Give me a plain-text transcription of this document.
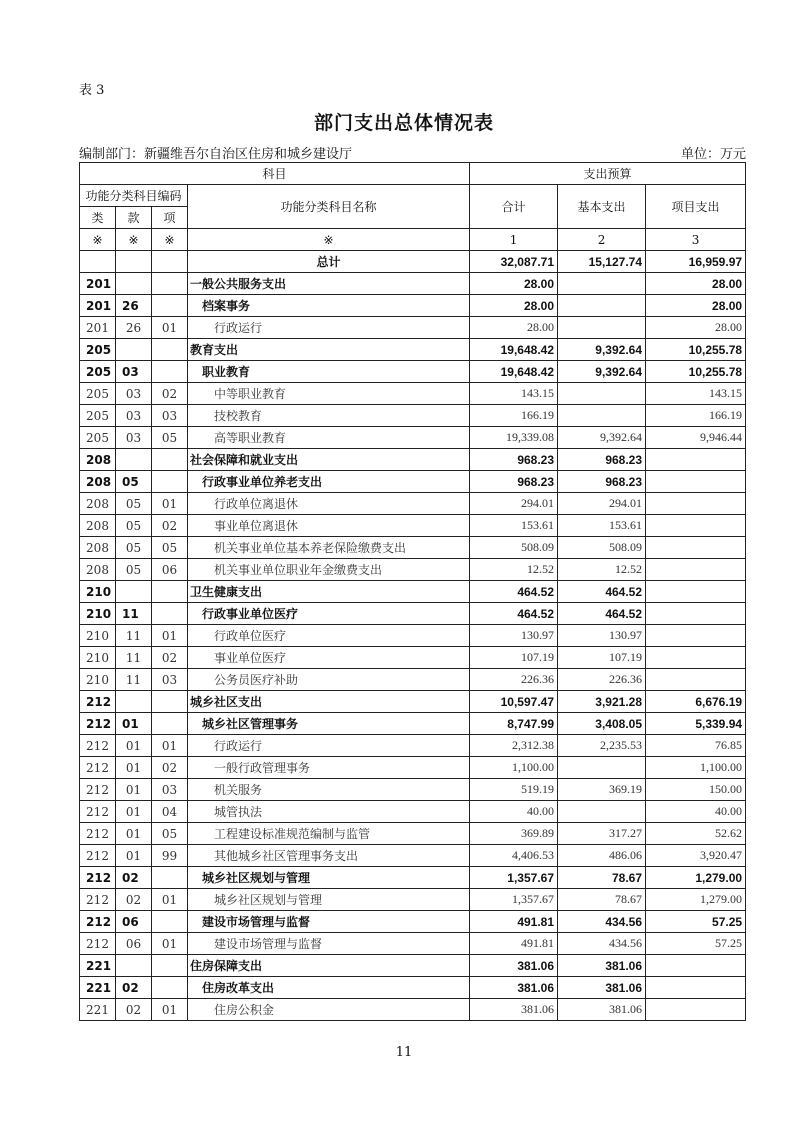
表 3
部门支出总体情况表
编制部门：新疆维吾尔自治区住房和城乡建设厅	单位：万元
科目				支出预算		
功能分类科目编码			功能分类科目名称	合计	基本支出	项目支出
类	款	项				
※	※	※	※	1	2	3
			总计	32,087.71	15,127.74	16,959.97
201			一般公共服务支出	28.00		28.00
201	26		档案事务	28.00		28.00
201	26	01	行政运行	28.00		28.00
205			教育支出	19,648.42	9,392.64	10,255.78
205	03		职业教育	19,648.42	9,392.64	10,255.78
205	03	02	中等职业教育	143.15		143.15
205	03	03	技校教育	166.19		166.19
205	03	05	高等职业教育	19,339.08	9,392.64	9,946.44
208			社会保障和就业支出	968.23	968.23	
208	05		行政事业单位养老支出	968.23	968.23	
208	05	01	行政单位离退休	294.01	294.01	
208	05	02	事业单位离退休	153.61	153.61	
208	05	05	机关事业单位基本养老保险缴费支出	508.09	508.09	
208	05	06	机关事业单位职业年金缴费支出	12.52	12.52	
210			卫生健康支出	464.52	464.52	
210	11		行政事业单位医疗	464.52	464.52	
210	11	01	行政单位医疗	130.97	130.97	
210	11	02	事业单位医疗	107.19	107.19	
210	11	03	公务员医疗补助	226.36	226.36	
212			城乡社区支出	10,597.47	3,921.28	6,676.19
212	01		城乡社区管理事务	8,747.99	3,408.05	5,339.94
212	01	01	行政运行	2,312.38	2,235.53	76.85
212	01	02	一般行政管理事务	1,100.00		1,100.00
212	01	03	机关服务	519.19	369.19	150.00
212	01	04	城管执法	40.00		40.00
212	01	05	工程建设标准规范编制与监管	369.89	317.27	52.62
212	01	99	其他城乡社区管理事务支出	4,406.53	486.06	3,920.47
212	02		城乡社区规划与管理	1,357.67	78.67	1,279.00
212	02	01	城乡社区规划与管理	1,357.67	78.67	1,279.00
212	06		建设市场管理与监督	491.81	434.56	57.25
212	06	01	建设市场管理与监督	491.81	434.56	57.25
221			住房保障支出	381.06	381.06	
221	02		住房改革支出	381.06	381.06	
221	02	01	住房公积金	381.06	381.06	
11
